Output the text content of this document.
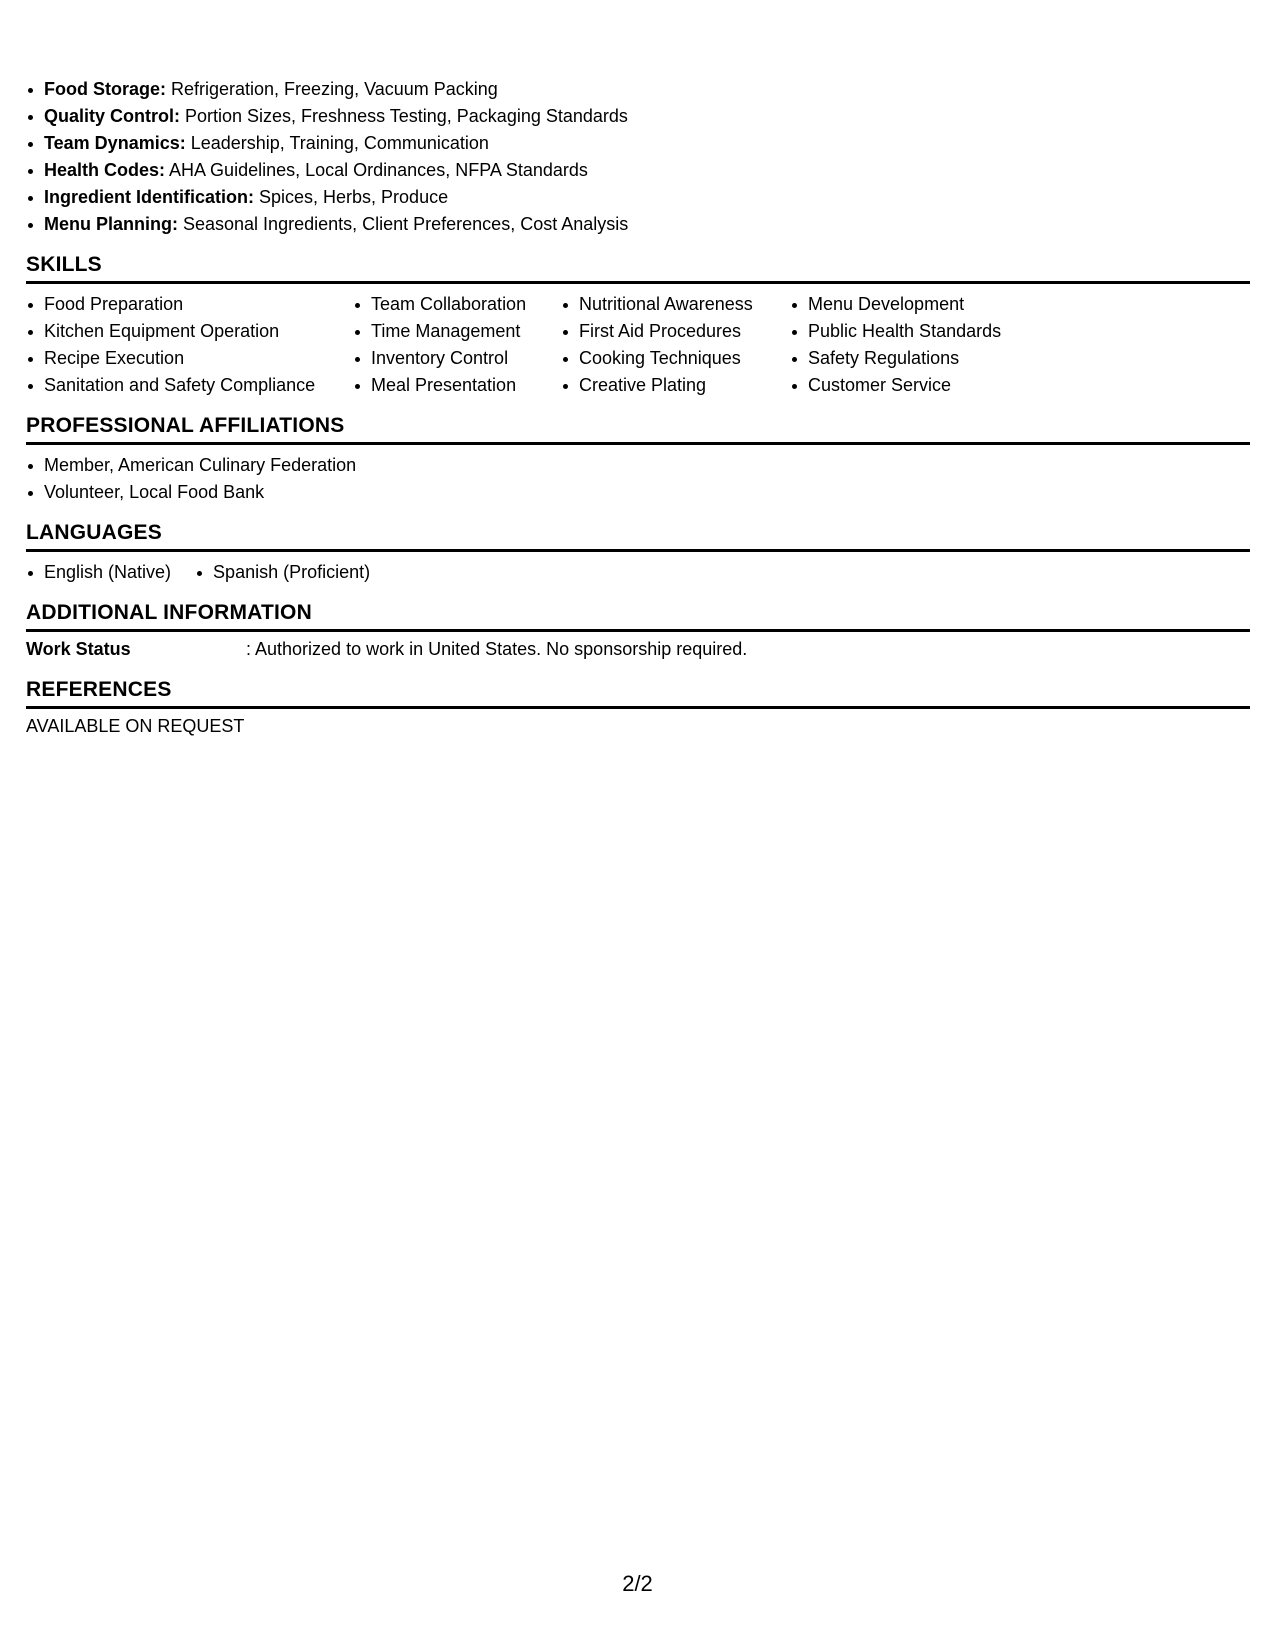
Food Storage: Refrigeration, Freezing, Vacuum Packing
Quality Control: Portion Sizes, Freshness Testing, Packaging Standards
Team Dynamics: Leadership, Training, Communication
Health Codes: AHA Guidelines, Local Ordinances, NFPA Standards
Ingredient Identification: Spices, Herbs, Produce
Menu Planning: Seasonal Ingredients, Client Preferences, Cost Analysis
SKILLS
Food Preparation
Kitchen Equipment Operation
Recipe Execution
Sanitation and Safety Compliance
Team Collaboration
Time Management
Inventory Control
Meal Presentation
Nutritional Awareness
First Aid Procedures
Cooking Techniques
Creative Plating
Menu Development
Public Health Standards
Safety Regulations
Customer Service
PROFESSIONAL AFFILIATIONS
Member, American Culinary Federation
Volunteer, Local Food Bank
LANGUAGES
English (Native)	Spanish (Proficient)
ADDITIONAL INFORMATION
Work Status	: Authorized to work in United States. No sponsorship required.
REFERENCES
AVAILABLE ON REQUEST
2/2
